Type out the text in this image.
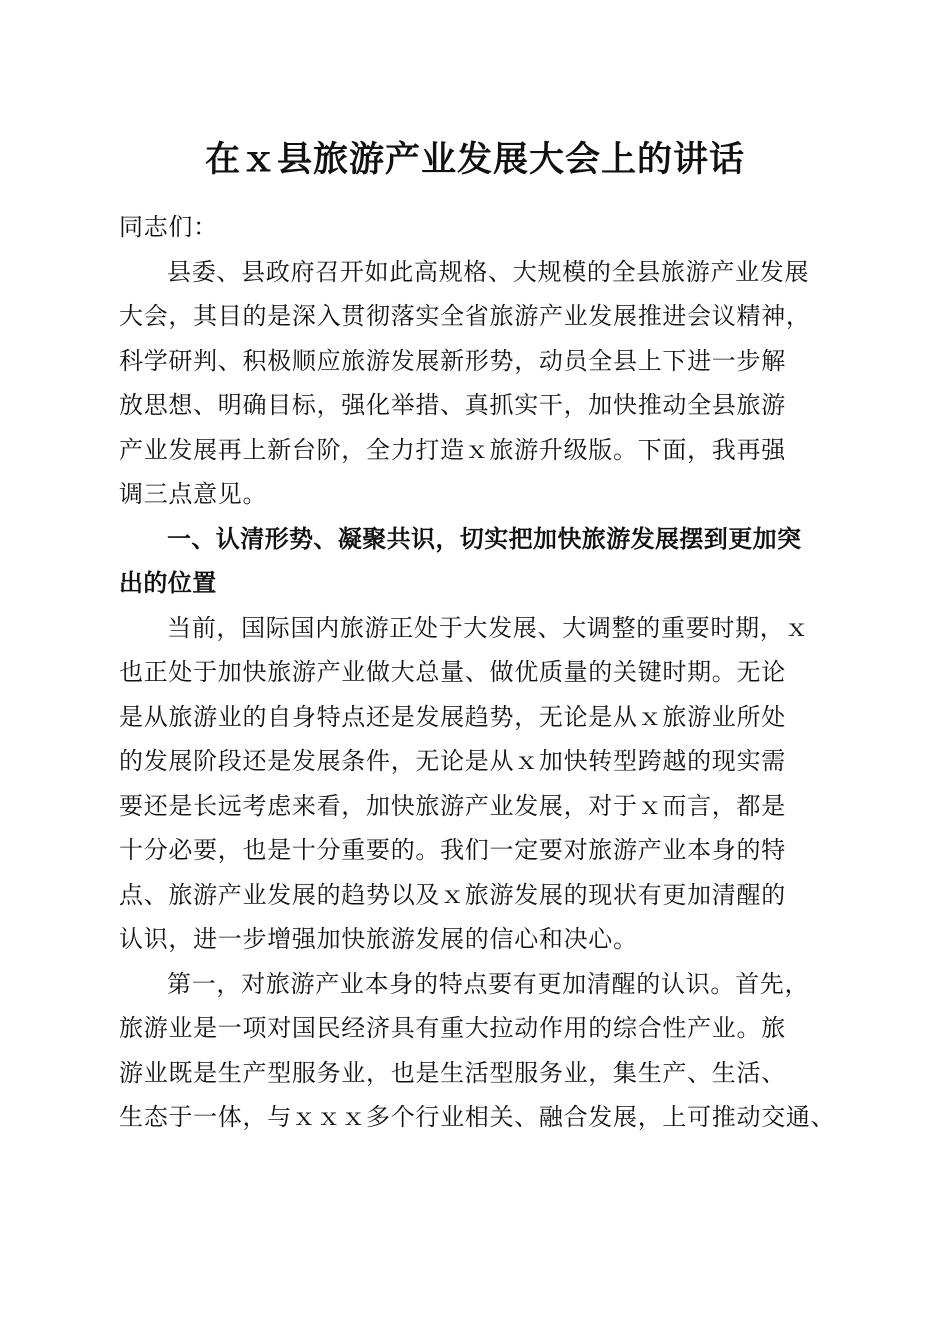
在ｘ县旅游产业发展大会上的讲话
同志们：
县委、县政府召开如此高规格、大规模的全县旅游产业发展
大会，其目的是深入贯彻落实全省旅游产业发展推进会议精神，
科学研判、积极顺应旅游发展新形势，动员全县上下进一步解
放思想、明确目标，强化举措、真抓实干，加快推动全县旅游
产业发展再上新台阶，全力打造ｘ旅游升级版。下面，我再强
调三点意见。
一、认清形势、凝聚共识，切实把加快旅游发展摆到更加突
出的位置
当前，国际国内旅游正处于大发展、大调整的重要时期，ｘ
也正处于加快旅游产业做大总量、做优质量的关键时期。无论
是从旅游业的自身特点还是发展趋势，无论是从ｘ旅游业所处
的发展阶段还是发展条件，无论是从ｘ加快转型跨越的现实需
要还是长远考虑来看，加快旅游产业发展，对于ｘ而言，都是
十分必要，也是十分重要的。我们一定要对旅游产业本身的特
点、旅游产业发展的趋势以及ｘ旅游发展的现状有更加清醒的
认识，进一步增强加快旅游发展的信心和决心。
第一，对旅游产业本身的特点要有更加清醒的认识。首先，
旅游业是一项对国民经济具有重大拉动作用的综合性产业。旅
游业既是生产型服务业，也是生活型服务业，集生产、生活、
生态于一体，与ｘｘｘ多个行业相关、融合发展，上可推动交通、
